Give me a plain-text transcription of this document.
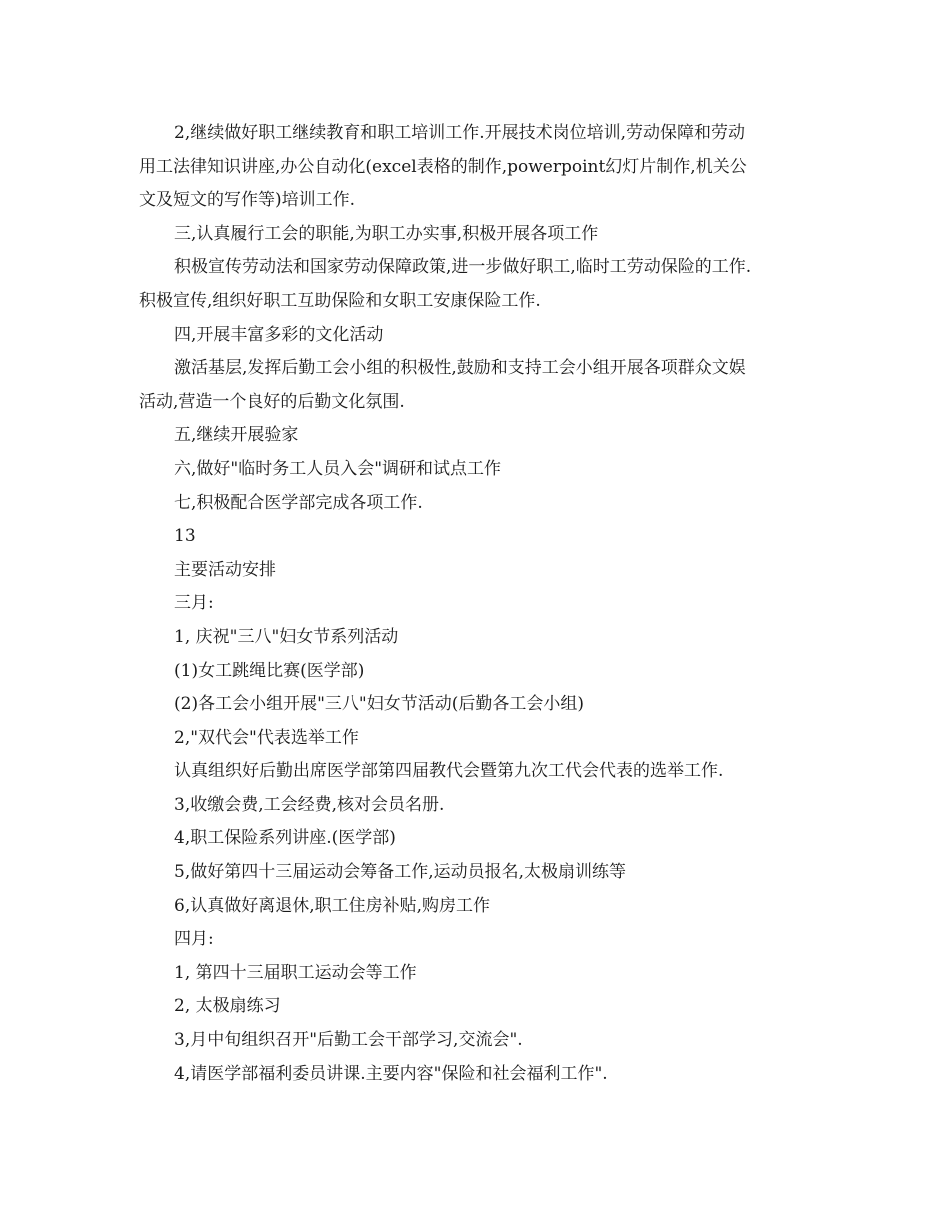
2,继续做好职工继续教育和职工培训工作.开展技术岗位培训,劳动保障和劳动

用工法律知识讲座,办公自动化(excel表格的制作,powerpoint幻灯片制作,机关公

文及短文的写作等)培训工作.

三,认真履行工会的职能,为职工办实事,积极开展各项工作

积极宣传劳动法和国家劳动保障政策,进一步做好职工,临时工劳动保险的工作.

积极宣传,组织好职工互助保险和女职工安康保险工作.

四,开展丰富多彩的文化活动

激活基层,发挥后勤工会小组的积极性,鼓励和支持工会小组开展各项群众文娱

活动,营造一个良好的后勤文化氛围.

五,继续开展验家

六,做好"临时务工人员入会"调研和试点工作

七,积极配合医学部完成各项工作.

13

主要活动安排

三月:

1, 庆祝"三八"妇女节系列活动

(1)女工跳绳比赛(医学部)

(2)各工会小组开展"三八"妇女节活动(后勤各工会小组)

2,"双代会"代表选举工作

认真组织好后勤出席医学部第四届教代会暨第九次工代会代表的选举工作.

3,收缴会费,工会经费,核对会员名册.

4,职工保险系列讲座.(医学部)

5,做好第四十三届运动会筹备工作,运动员报名,太极扇训练等

6,认真做好离退休,职工住房补贴,购房工作

四月:

1, 第四十三届职工运动会等工作

2, 太极扇练习

3,月中旬组织召开"后勤工会干部学习,交流会".

4,请医学部福利委员讲课.主要内容"保险和社会福利工作".
